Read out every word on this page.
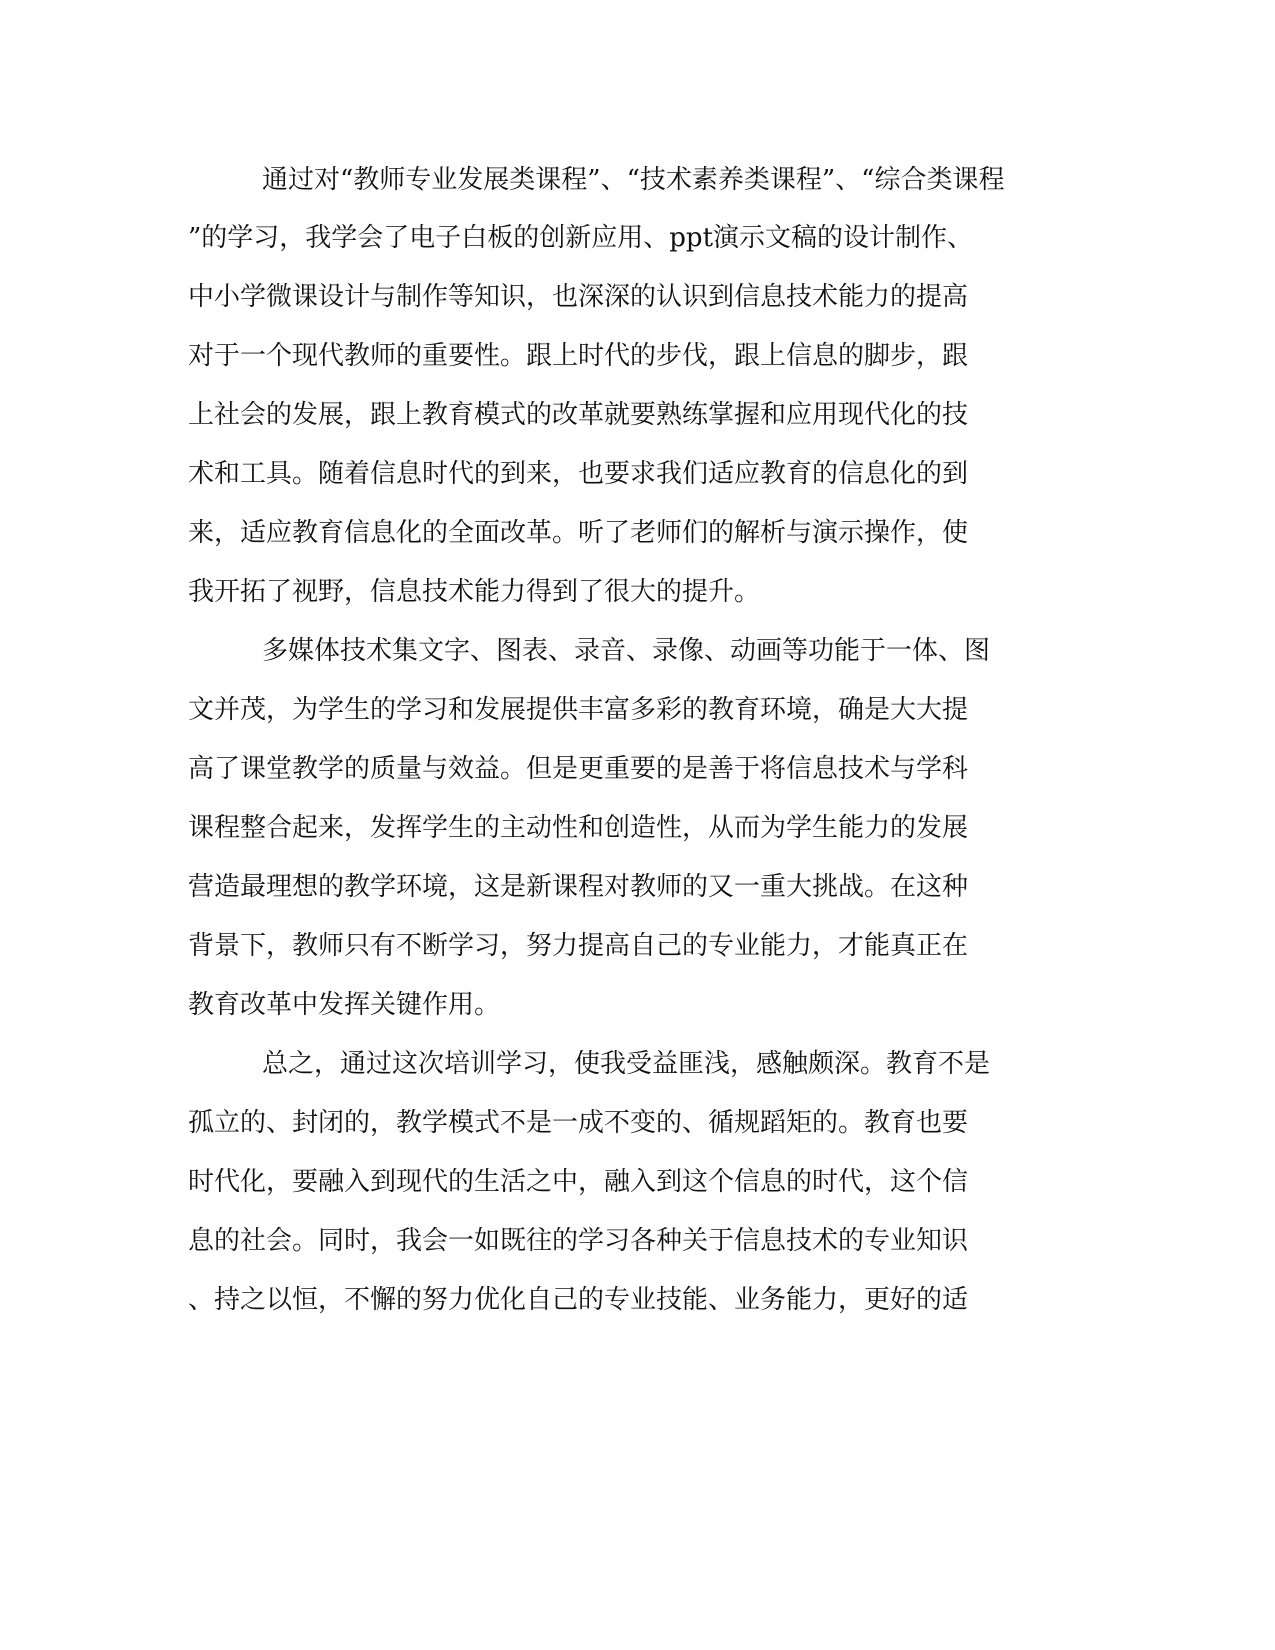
通过对“教师专业发展类课程”、“技术素养类课程”、“综合类课程
”的学习，我学会了电子白板的创新应用、ppt演示文稿的设计制作、
中小学微课设计与制作等知识，也深深的认识到信息技术能力的提高
对于一个现代教师的重要性。跟上时代的步伐，跟上信息的脚步，跟
上社会的发展，跟上教育模式的改革就要熟练掌握和应用现代化的技
术和工具。随着信息时代的到来，也要求我们适应教育的信息化的到
来，适应教育信息化的全面改革。听了老师们的解析与演示操作，使
我开拓了视野，信息技术能力得到了很大的提升。
多媒体技术集文字、图表、录音、录像、动画等功能于一体、图
文并茂，为学生的学习和发展提供丰富多彩的教育环境，确是大大提
高了课堂教学的质量与效益。但是更重要的是善于将信息技术与学科
课程整合起来，发挥学生的主动性和创造性，从而为学生能力的发展
营造最理想的教学环境，这是新课程对教师的又一重大挑战。在这种
背景下，教师只有不断学习，努力提高自己的专业能力，才能真正在
教育改革中发挥关键作用。
总之，通过这次培训学习，使我受益匪浅，感触颇深。教育不是
孤立的、封闭的，教学模式不是一成不变的、循规蹈矩的。教育也要
时代化，要融入到现代的生活之中，融入到这个信息的时代，这个信
息的社会。同时，我会一如既往的学习各种关于信息技术的专业知识
、持之以恒，不懈的努力优化自己的专业技能、业务能力，更好的适
